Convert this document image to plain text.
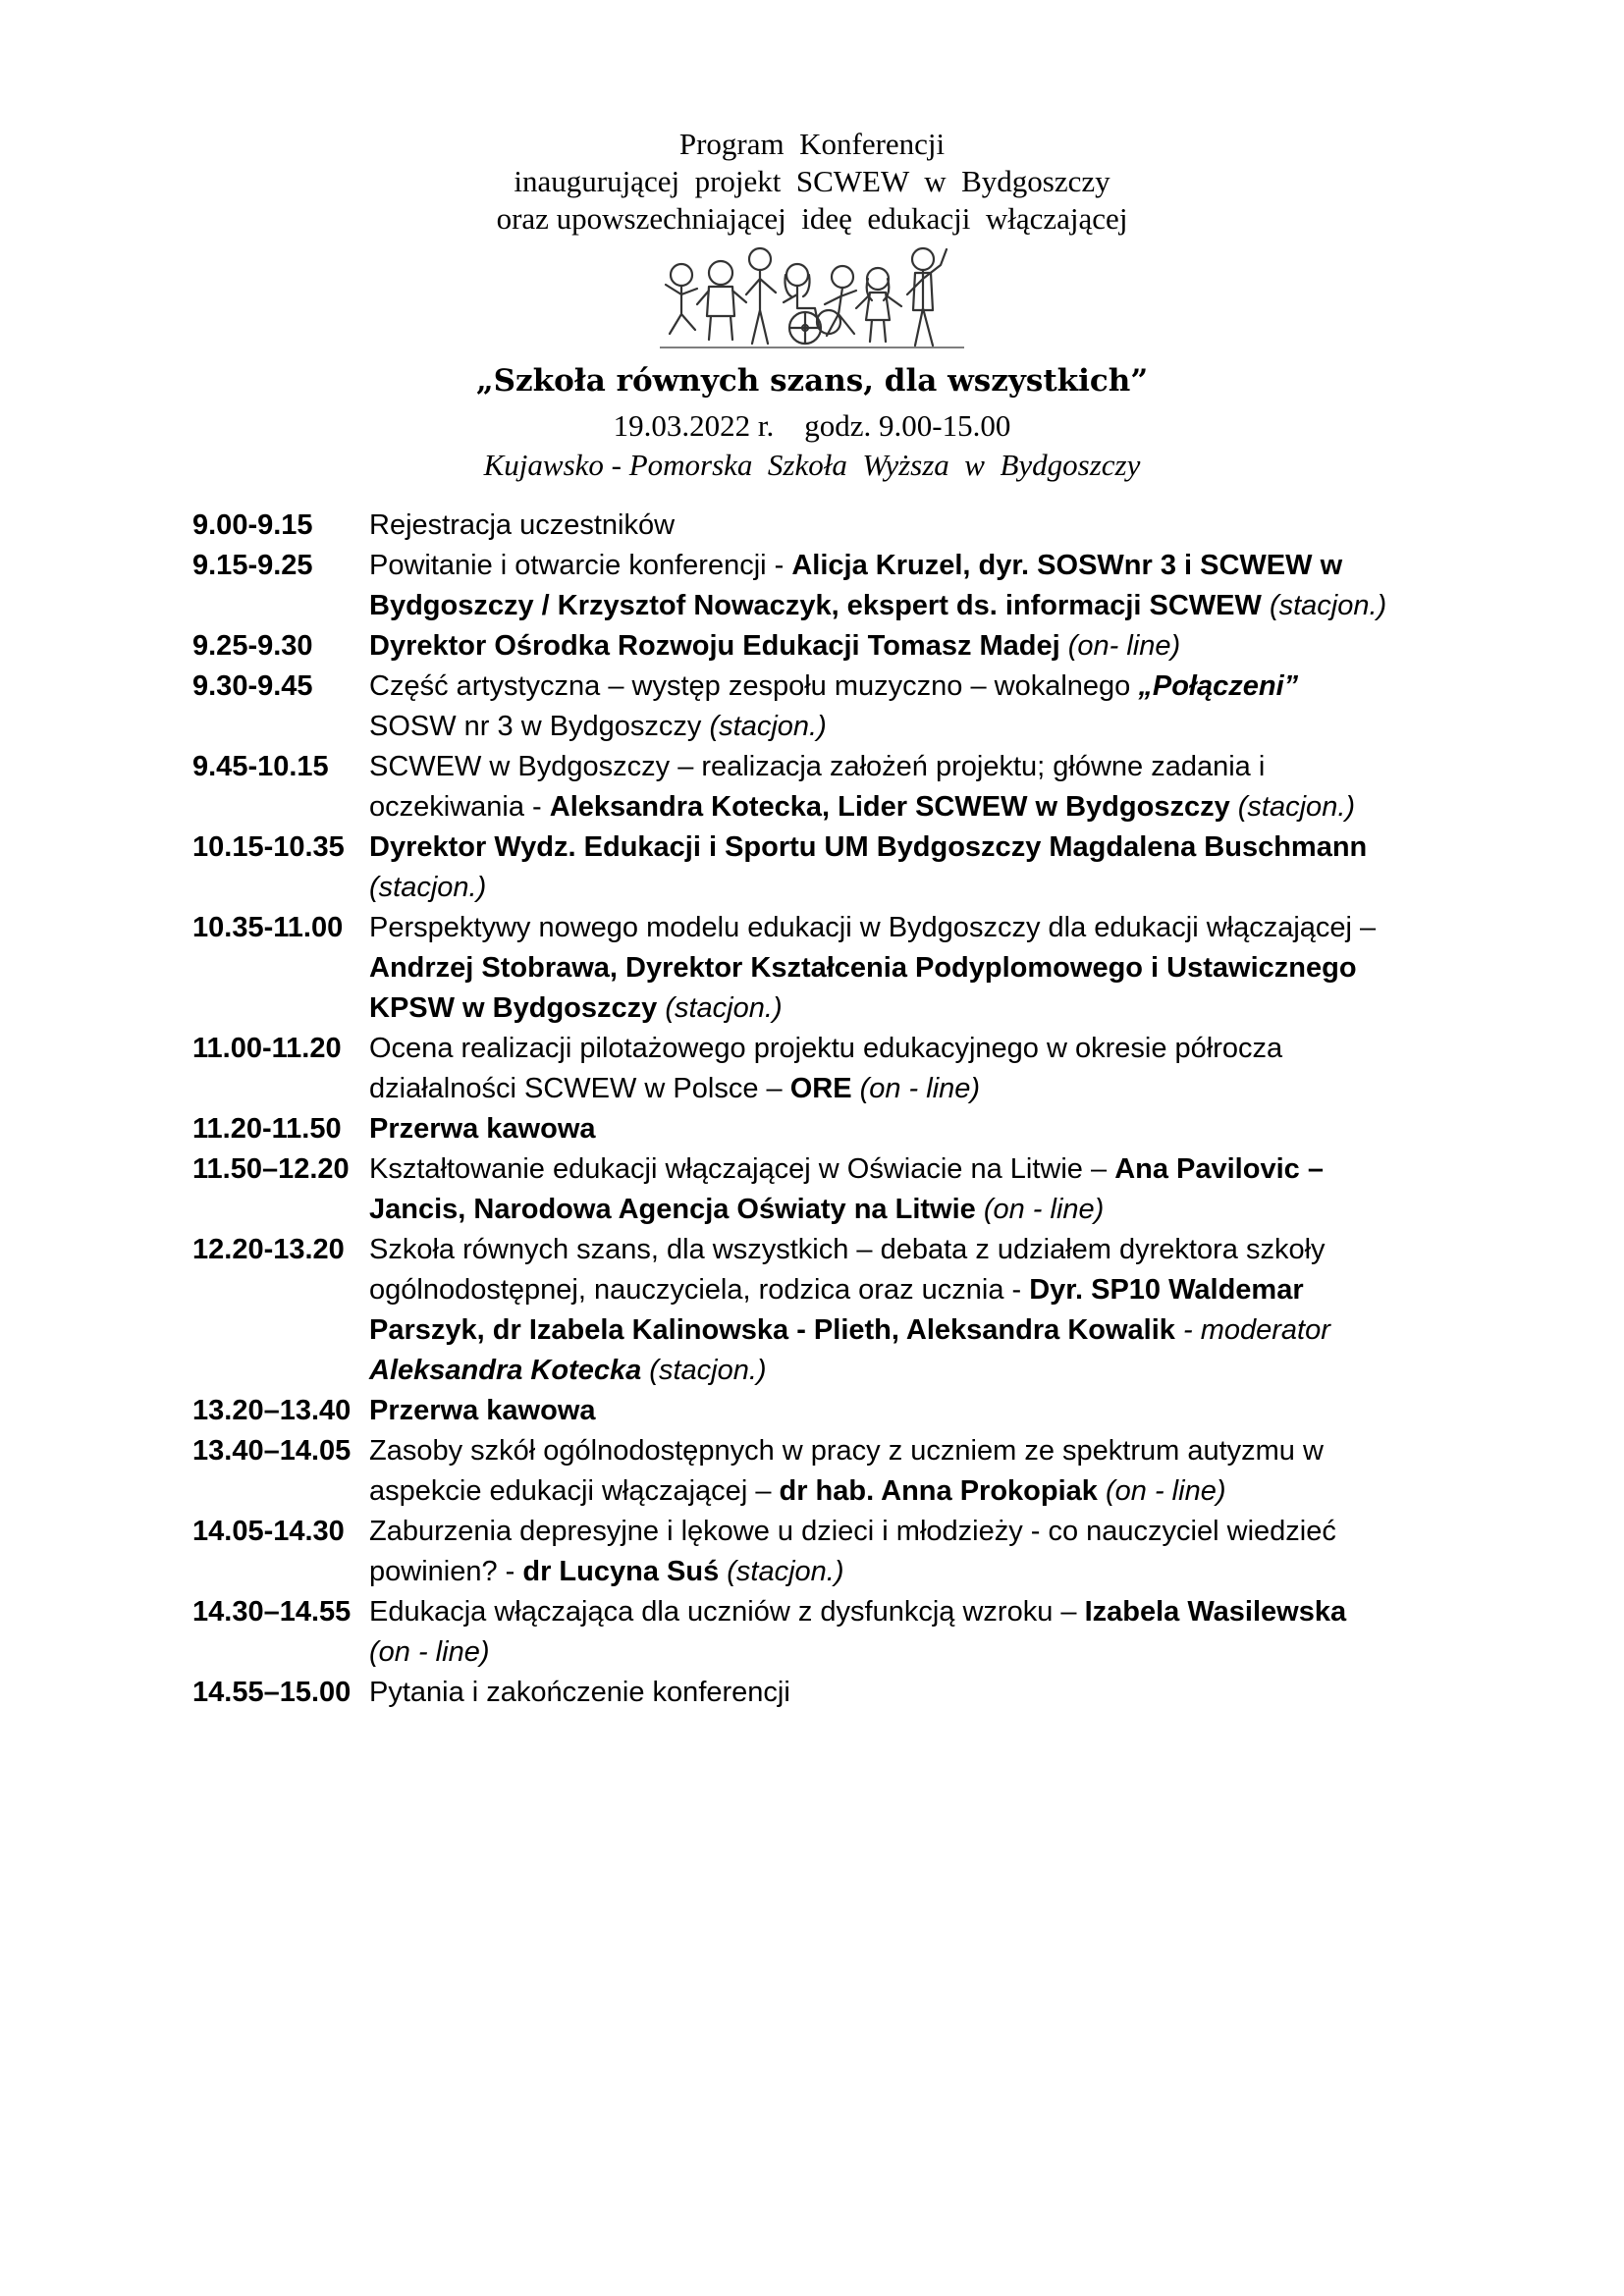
Program  Konferencji
inaugurującej  projekt  SCWEW  w  Bydgoszczy
oraz upowszechniającej  ideę  edukacji  włączającej
„Szkoła równych szans, dla wszystkich”
19.03.2022 r.    godz. 9.00-15.00
Kujawsko - Pomorska  Szkoła  Wyższa  w  Bydgoszczy
9.00-9.15 Rejestracja uczestników
9.15-9.25 Powitanie i otwarcie konferencji - Alicja Kruzel, dyr. SOSWnr 3 i SCWEW w
Bydgoszczy / Krzysztof Nowaczyk, ekspert ds. informacji SCWEW (stacjon.)
9.25-9.30 Dyrektor Ośrodka Rozwoju Edukacji Tomasz Madej (on- line)
9.30-9.45 Część artystyczna – występ zespołu muzyczno – wokalnego „Połączeni”
SOSW nr 3 w Bydgoszczy (stacjon.)
9.45-10.15 SCWEW w Bydgoszczy – realizacja założeń projektu; główne zadania i
oczekiwania - Aleksandra Kotecka, Lider SCWEW w Bydgoszczy (stacjon.)
10.15-10.35 Dyrektor Wydz. Edukacji i Sportu UM Bydgoszczy Magdalena Buschmann
(stacjon.)
10.35-11.00 Perspektywy nowego modelu edukacji w Bydgoszczy dla edukacji włączającej –
Andrzej Stobrawa, Dyrektor Kształcenia Podyplomowego i Ustawicznego
KPSW w Bydgoszczy (stacjon.)
11.00-11.20 Ocena realizacji pilotażowego projektu edukacyjnego w okresie półrocza
działalności SCWEW w Polsce – ORE (on - line)
11.20-11.50 Przerwa kawowa
11.50–12.20 Kształtowanie edukacji włączającej w Oświacie na Litwie – Ana Pavilovic –
Jancis, Narodowa Agencja Oświaty na Litwie (on - line)
12.20-13.20 Szkoła równych szans, dla wszystkich – debata z udziałem dyrektora szkoły
ogólnodostępnej, nauczyciela, rodzica oraz ucznia - Dyr. SP10 Waldemar
Parszyk, dr Izabela Kalinowska - Plieth, Aleksandra Kowalik - moderator
Aleksandra Kotecka (stacjon.)
13.20–13.40 Przerwa kawowa
13.40–14.05 Zasoby szkół ogólnodostępnych w pracy z uczniem ze spektrum autyzmu w
aspekcie edukacji włączającej – dr hab. Anna Prokopiak (on - line)
14.05-14.30 Zaburzenia depresyjne i lękowe u dzieci i młodzieży - co nauczyciel wiedzieć
powinien? - dr Lucyna Suś (stacjon.)
14.30–14.55 Edukacja włączająca dla uczniów z dysfunkcją wzroku – Izabela Wasilewska
(on - line)
14.55–15.00 Pytania i zakończenie konferencji
